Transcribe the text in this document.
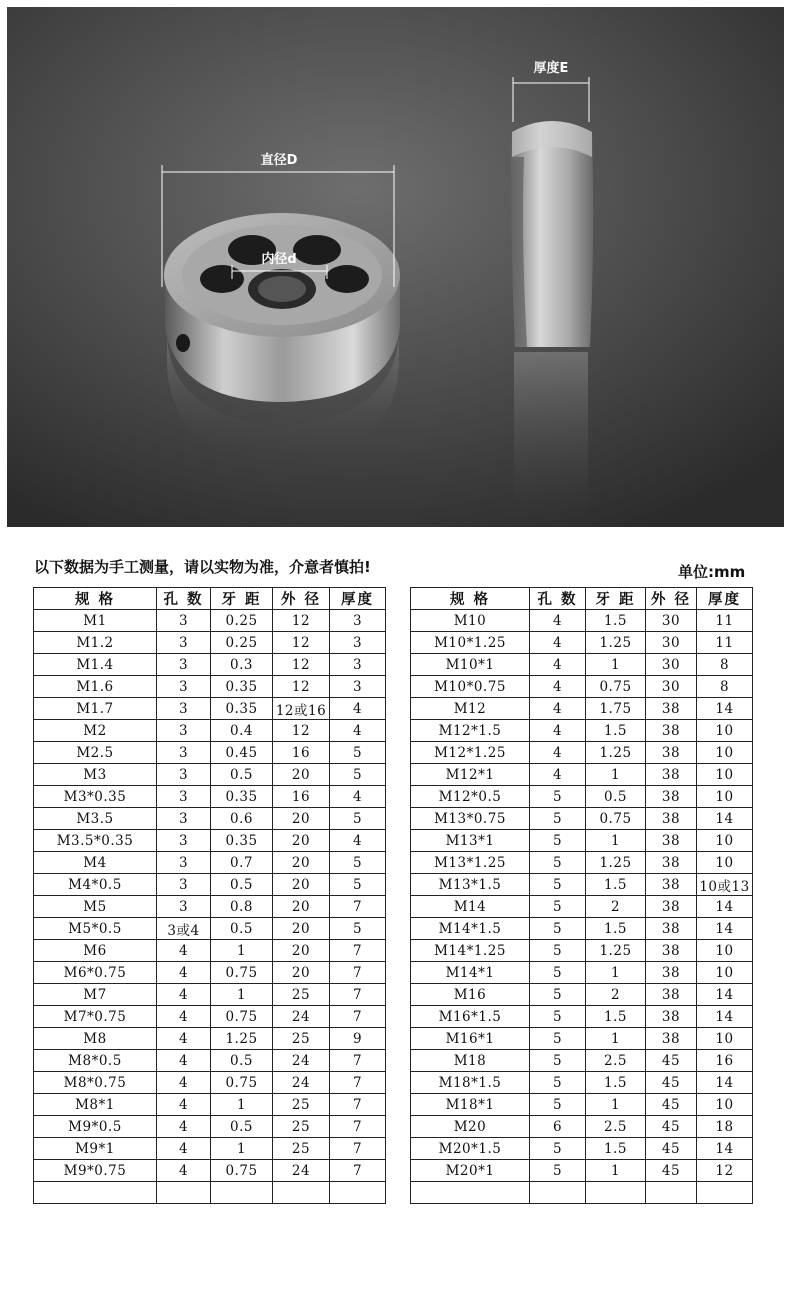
直径D
内径d
厚度E
以下数据为手工测量，请以实物为准，介意者慎拍!	单位:mm
规 格	孔 数	牙 距	外 径	厚度
M1	3	0.25	12	3
M1.2	3	0.25	12	3
M1.4	3	0.3	12	3
M1.6	3	0.35	12	3
M1.7	3	0.35	12或16	4
M2	3	0.4	12	4
M2.5	3	0.45	16	5
M3	3	0.5	20	5
M3*0.35	3	0.35	16	4
M3.5	3	0.6	20	5
M3.5*0.35	3	0.35	20	4
M4	3	0.7	20	5
M4*0.5	3	0.5	20	5
M5	3	0.8	20	7
M5*0.5	3或4	0.5	20	5
M6	4	1	20	7
M6*0.75	4	0.75	20	7
M7	4	1	25	7
M7*0.75	4	0.75	24	7
M8	4	1.25	25	9
M8*0.5	4	0.5	24	7
M8*0.75	4	0.75	24	7
M8*1	4	1	25	7
M9*0.5	4	0.5	25	7
M9*1	4	1	25	7
M9*0.75	4	0.75	24	7

规 格	孔 数	牙 距	外 径	厚度
M10	4	1.5	30	11
M10*1.25	4	1.25	30	11
M10*1	4	1	30	8
M10*0.75	4	0.75	30	8
M12	4	1.75	38	14
M12*1.5	4	1.5	38	10
M12*1.25	4	1.25	38	10
M12*1	4	1	38	10
M12*0.5	5	0.5	38	10
M13*0.75	5	0.75	38	14
M13*1	5	1	38	10
M13*1.25	5	1.25	38	10
M13*1.5	5	1.5	38	10或13
M14	5	2	38	14
M14*1.5	5	1.5	38	14
M14*1.25	5	1.25	38	10
M14*1	5	1	38	10
M16	5	2	38	14
M16*1.5	5	1.5	38	14
M16*1	5	1	38	10
M18	5	2.5	45	16
M18*1.5	5	1.5	45	14
M18*1	5	1	45	10
M20	6	2.5	45	18
M20*1.5	5	1.5	45	14
M20*1	5	1	45	12
